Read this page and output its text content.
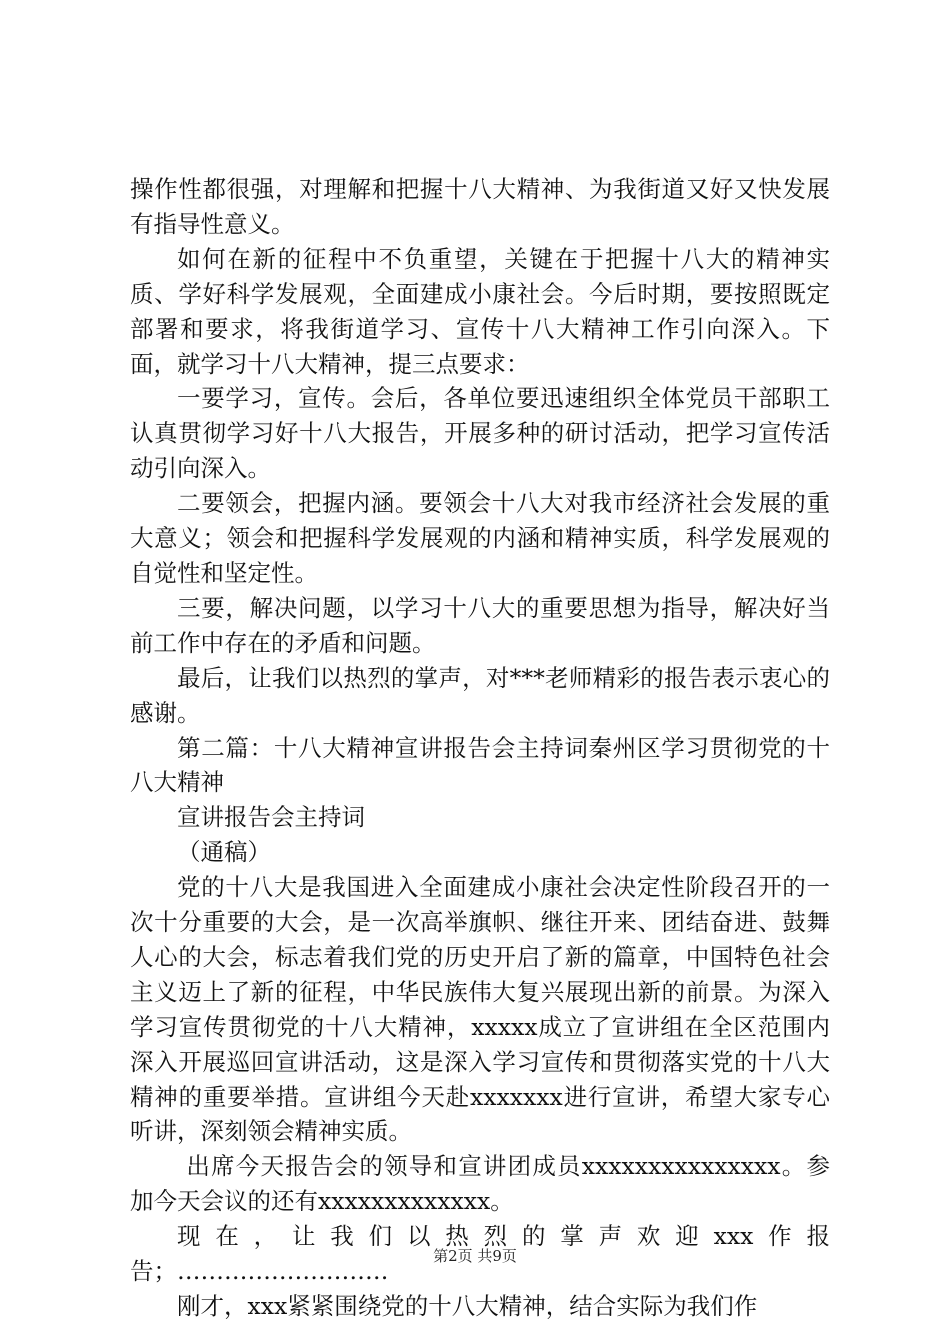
操作性都很强，对理解和把握十八大精神、为我街道又好又快发展有指导性意义。

如何在新的征程中不负重望，关键在于把握十八大的精神实质、学好科学发展观，全面建成小康社会。今后时期，要按照既定部署和要求，将我街道学习、宣传十八大精神工作引向深入。下面，就学习十八大精神，提三点要求：

一要学习，宣传。会后，各单位要迅速组织全体党员干部职工认真贯彻学习好十八大报告，开展多种的研讨活动，把学习宣传活动引向深入。

二要领会，把握内涵。要领会十八大对我市经济社会发展的重大意义；领会和把握科学发展观的内涵和精神实质，科学发展观的自觉性和坚定性。

三要，解决问题，以学习十八大的重要思想为指导，解决好当前工作中存在的矛盾和问题。

最后，让我们以热烈的掌声，对***老师精彩的报告表示衷心的感谢。

第二篇：十八大精神宣讲报告会主持词秦州区学习贯彻党的十八大精神

宣讲报告会主持词

（通稿）

党的十八大是我国进入全面建成小康社会决定性阶段召开的一次十分重要的大会，是一次高举旗帜、继往开来、团结奋进、鼓舞人心的大会，标志着我们党的历史开启了新的篇章，中国特色社会主义迈上了新的征程，中华民族伟大复兴展现出新的前景。为深入学习宣传贯彻党的十八大精神，xxxxx成立了宣讲组在全区范围内深入开展巡回宣讲活动，这是深入学习宣传和贯彻落实党的十八大精神的重要举措。宣讲组今天赴xxxxxxx进行宣讲，希望大家专心听讲，深刻领会精神实质。

出席今天报告会的领导和宣讲团成员xxxxxxxxxxxxxxx。参加今天会议的还有xxxxxxxxxxxxx。

现在，让我们以热烈的掌声欢迎xxx作报告；………………………

刚才，xxx紧紧围绕党的十八大精神，结合实际为我们作

第2页 共9页
